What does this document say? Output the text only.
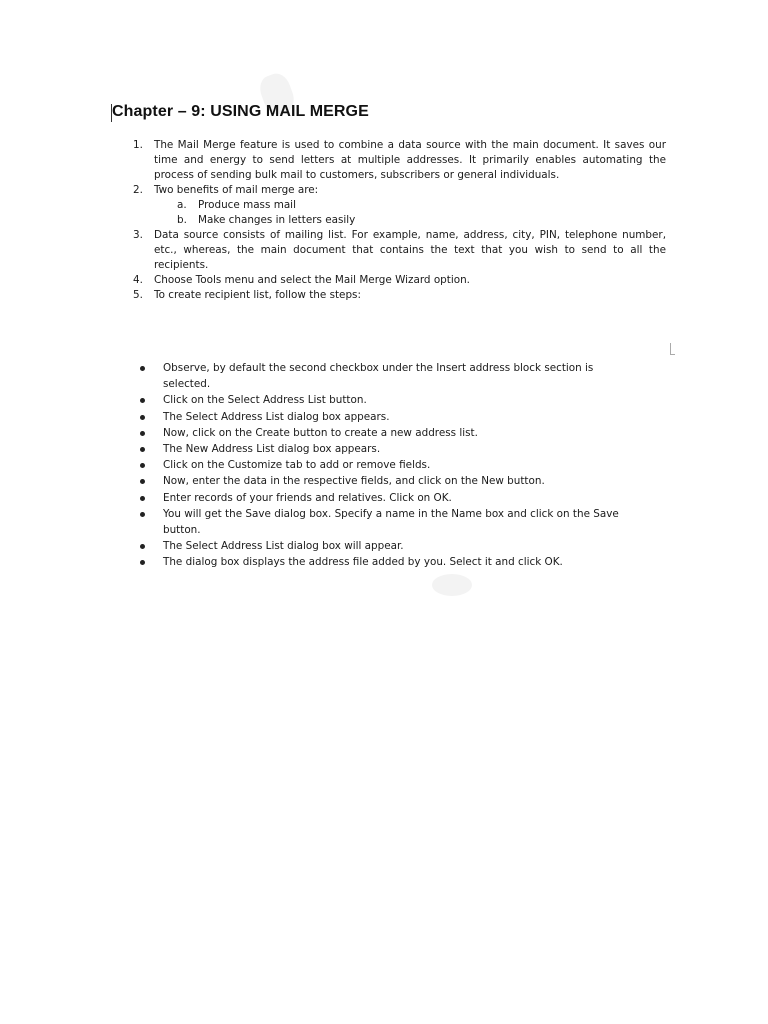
Chapter – 9: USING MAIL MERGE
1. The Mail Merge feature is used to combine a data source with the main document. It saves our time and energy to send letters at multiple addresses. It primarily enables automating the process of sending bulk mail to customers, subscribers or general individuals.
2. Two benefits of mail merge are:
a. Produce mass mail
b. Make changes in letters easily
3. Data source consists of mailing list. For example, name, address, city, PIN, telephone number, etc., whereas, the main document that contains the text that you wish to send to all the recipients.
4. Choose Tools menu and select the Mail Merge Wizard option.
5. To create recipient list, follow the steps:
Observe, by default the second checkbox under the Insert address block section is selected.
Click on the Select Address List button.
The Select Address List dialog box appears.
Now, click on the Create button to create a new address list.
The New Address List dialog box appears.
Click on the Customize tab to add or remove fields.
Now, enter the data in the respective fields, and click on the New button.
Enter records of your friends and relatives. Click on OK.
You will get the Save dialog box. Specify a name in the Name box and click on the Save button.
The Select Address List dialog box will appear.
The dialog box displays the address file added by you. Select it and click OK.
